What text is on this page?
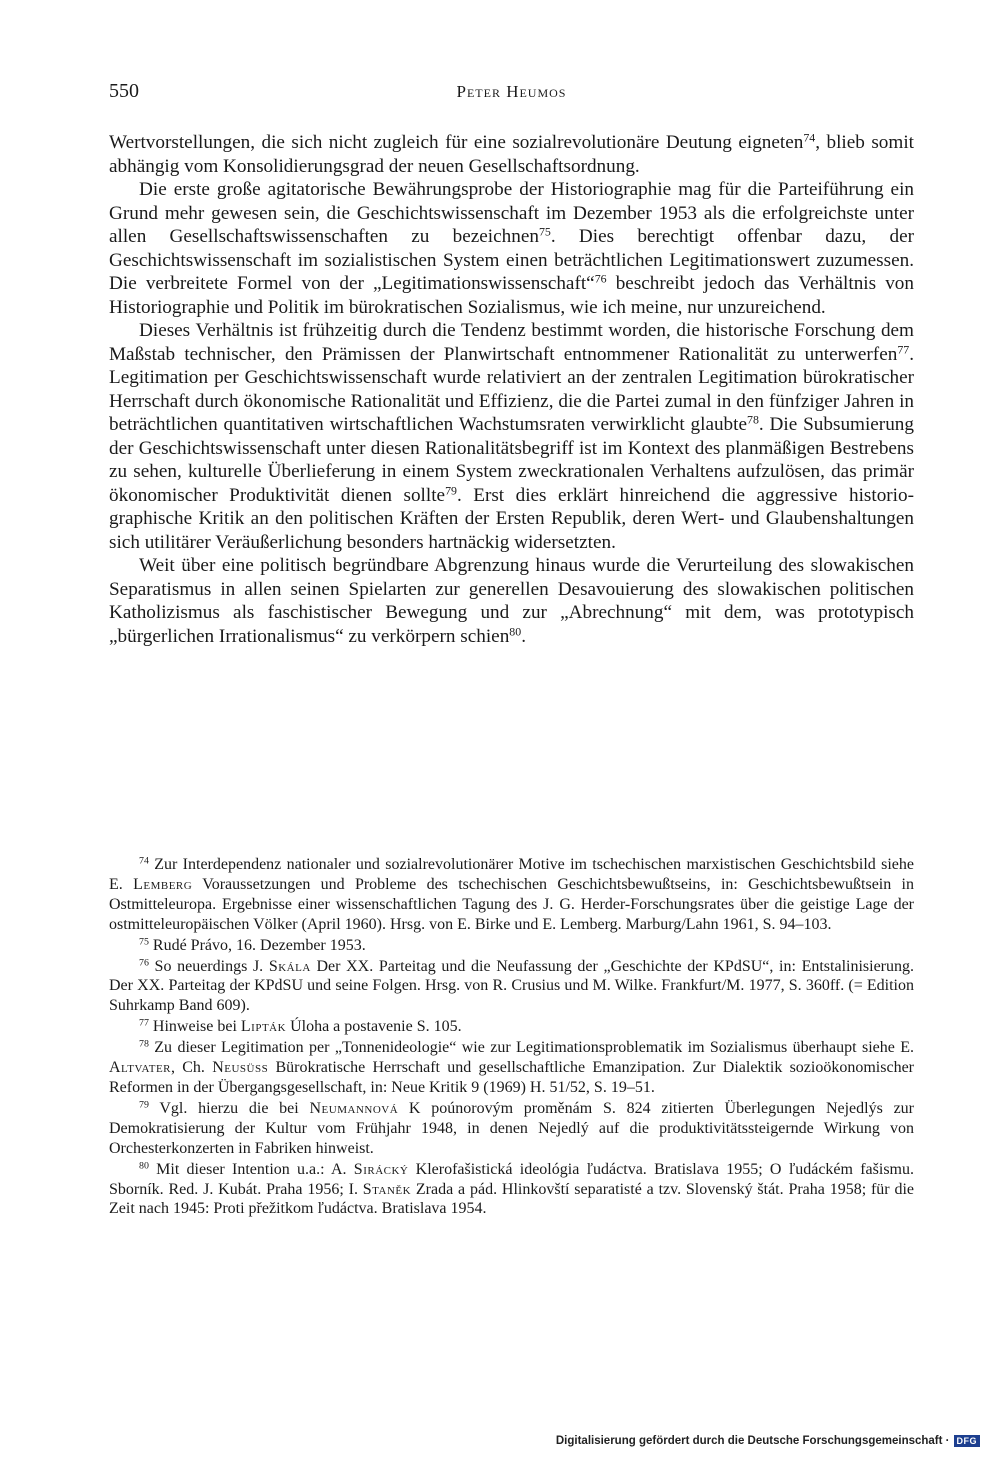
550	Peter Heumos

Wertvorstellungen, die sich nicht zugleich für eine sozialrevolutionäre Deutung eigneten$^{74}$, blieb somit abhängig vom Konsolidierungsgrad der neuen Gesellschaftsordnung.

Die erste große agitatorische Bewährungsprobe der Historiographie mag für die Parteiführung ein Grund mehr gewesen sein, die Geschichtswissenschaft im Dezember 1953 als die erfolgreichste unter allen Gesellschaftswissenschaften zu bezeichnen$^{75}$. Dies berechtigt offenbar dazu, der Geschichtswissenschaft im sozialistischen System einen beträchtlichen Legitimationswert zuzumessen. Die verbreitete Formel von der „Legitimationswissenschaft“$^{76}$ beschreibt jedoch das Verhältnis von Historiographie und Politik im bürokratischen Sozialismus, wie ich meine, nur unzureichend.

Dieses Verhältnis ist frühzeitig durch die Tendenz bestimmt worden, die historische Forschung dem Maßstab technischer, den Prämissen der Planwirtschaft entnommener Rationalität zu unterwerfen$^{77}$. Legitimation per Geschichtswissenschaft wurde relativiert an der zentralen Legitimation bürokratischer Herrschaft durch ökonomische Rationalität und Effizienz, die die Partei zumal in den fünfziger Jahren in beträchtlichen quantitativen wirtschaftlichen Wachstumsraten verwirklicht glaubte$^{78}$. Die Subsumierung der Geschichtswissenschaft unter diesen Rationalitätsbegriff ist im Kontext des planmäßigen Bestrebens zu sehen, kulturelle Überlieferung in einem System zweckrationalen Verhaltens aufzulösen, das primär ökonomischer Produktivität dienen sollte$^{79}$. Erst dies erklärt hinreichend die aggressive historiographische Kritik an den politischen Kräften der Ersten Republik, deren Wert- und Glaubenshaltungen sich utilitärer Veräußerlichung besonders hartnäckig widersetzten.

Weit über eine politisch begründbare Abgrenzung hinaus wurde die Verurteilung des slowakischen Separatismus in allen seinen Spielarten zur generellen Desavouierung des slowakischen politischen Katholizismus als faschistischer Bewegung und zur „Abrechnung“ mit dem, was prototypisch „bürgerlichen Irrationalismus“ zu verkörpern schien$^{80}$.

$^{74}$ Zur Interdependenz nationaler und sozialrevolutionärer Motive im tschechischen marxistischen Geschichtsbild siehe E. Lemberg Voraussetzungen und Probleme des tschechischen Geschichtsbewußtseins, in: Geschichtsbewußtsein in Ostmitteleuropa. Ergebnisse einer wissenschaftlichen Tagung des J. G. Herder-Forschungsrates über die geistige Lage der ostmitteleuropäischen Völker (April 1960). Hrsg. von E. Birke und E. Lemberg. Marburg/Lahn 1961, S. 94–103.

$^{75}$ Rudé Právo, 16. Dezember 1953.

$^{76}$ So neuerdings J. Skála Der XX. Parteitag und die Neufassung der „Geschichte der KPdSU“, in: Entstalinisierung. Der XX. Parteitag der KPdSU und seine Folgen. Hrsg. von R. Crusius und M. Wilke. Frankfurt/M. 1977, S. 360ff. (= Edition Suhrkamp Band 609).

$^{77}$ Hinweise bei Lipták Úloha a postavenie S. 105.

$^{78}$ Zu dieser Legitimation per „Tonnenideologie“ wie zur Legitimationsproblematik im Sozialismus überhaupt siehe E. Altvater, Ch. Neusüss Bürokratische Herrschaft und gesellschaftliche Emanzipation. Zur Dialektik sozioökonomischer Reformen in der Übergangsgesellschaft, in: Neue Kritik 9 (1969) H. 51/52, S. 19–51.

$^{79}$ Vgl. hierzu die bei Neumannová K poúnorovým proměnám S. 824 zitierten Überlegungen Nejedlýs zur Demokratisierung der Kultur vom Frühjahr 1948, in denen Nejedlý auf die produktivitätssteigernde Wirkung von Orchesterkonzerten in Fabriken hinweist.

$^{80}$ Mit dieser Intention u.a.: A. Sirácký Klerofašistická ideológia ľudáctva. Bratislava 1955; O ľudáckém fašismu. Sborník. Red. J. Kubát. Praha 1956; I. Staněk Zrada a pád. Hlinkovští separatisté a tzv. Slovenský štát. Praha 1958; für die Zeit nach 1945: Proti přežitkom ľudáctva. Bratislava 1954.

Digitalisierung gefördert durch die Deutsche Forschungsgemeinschaft · DFG
